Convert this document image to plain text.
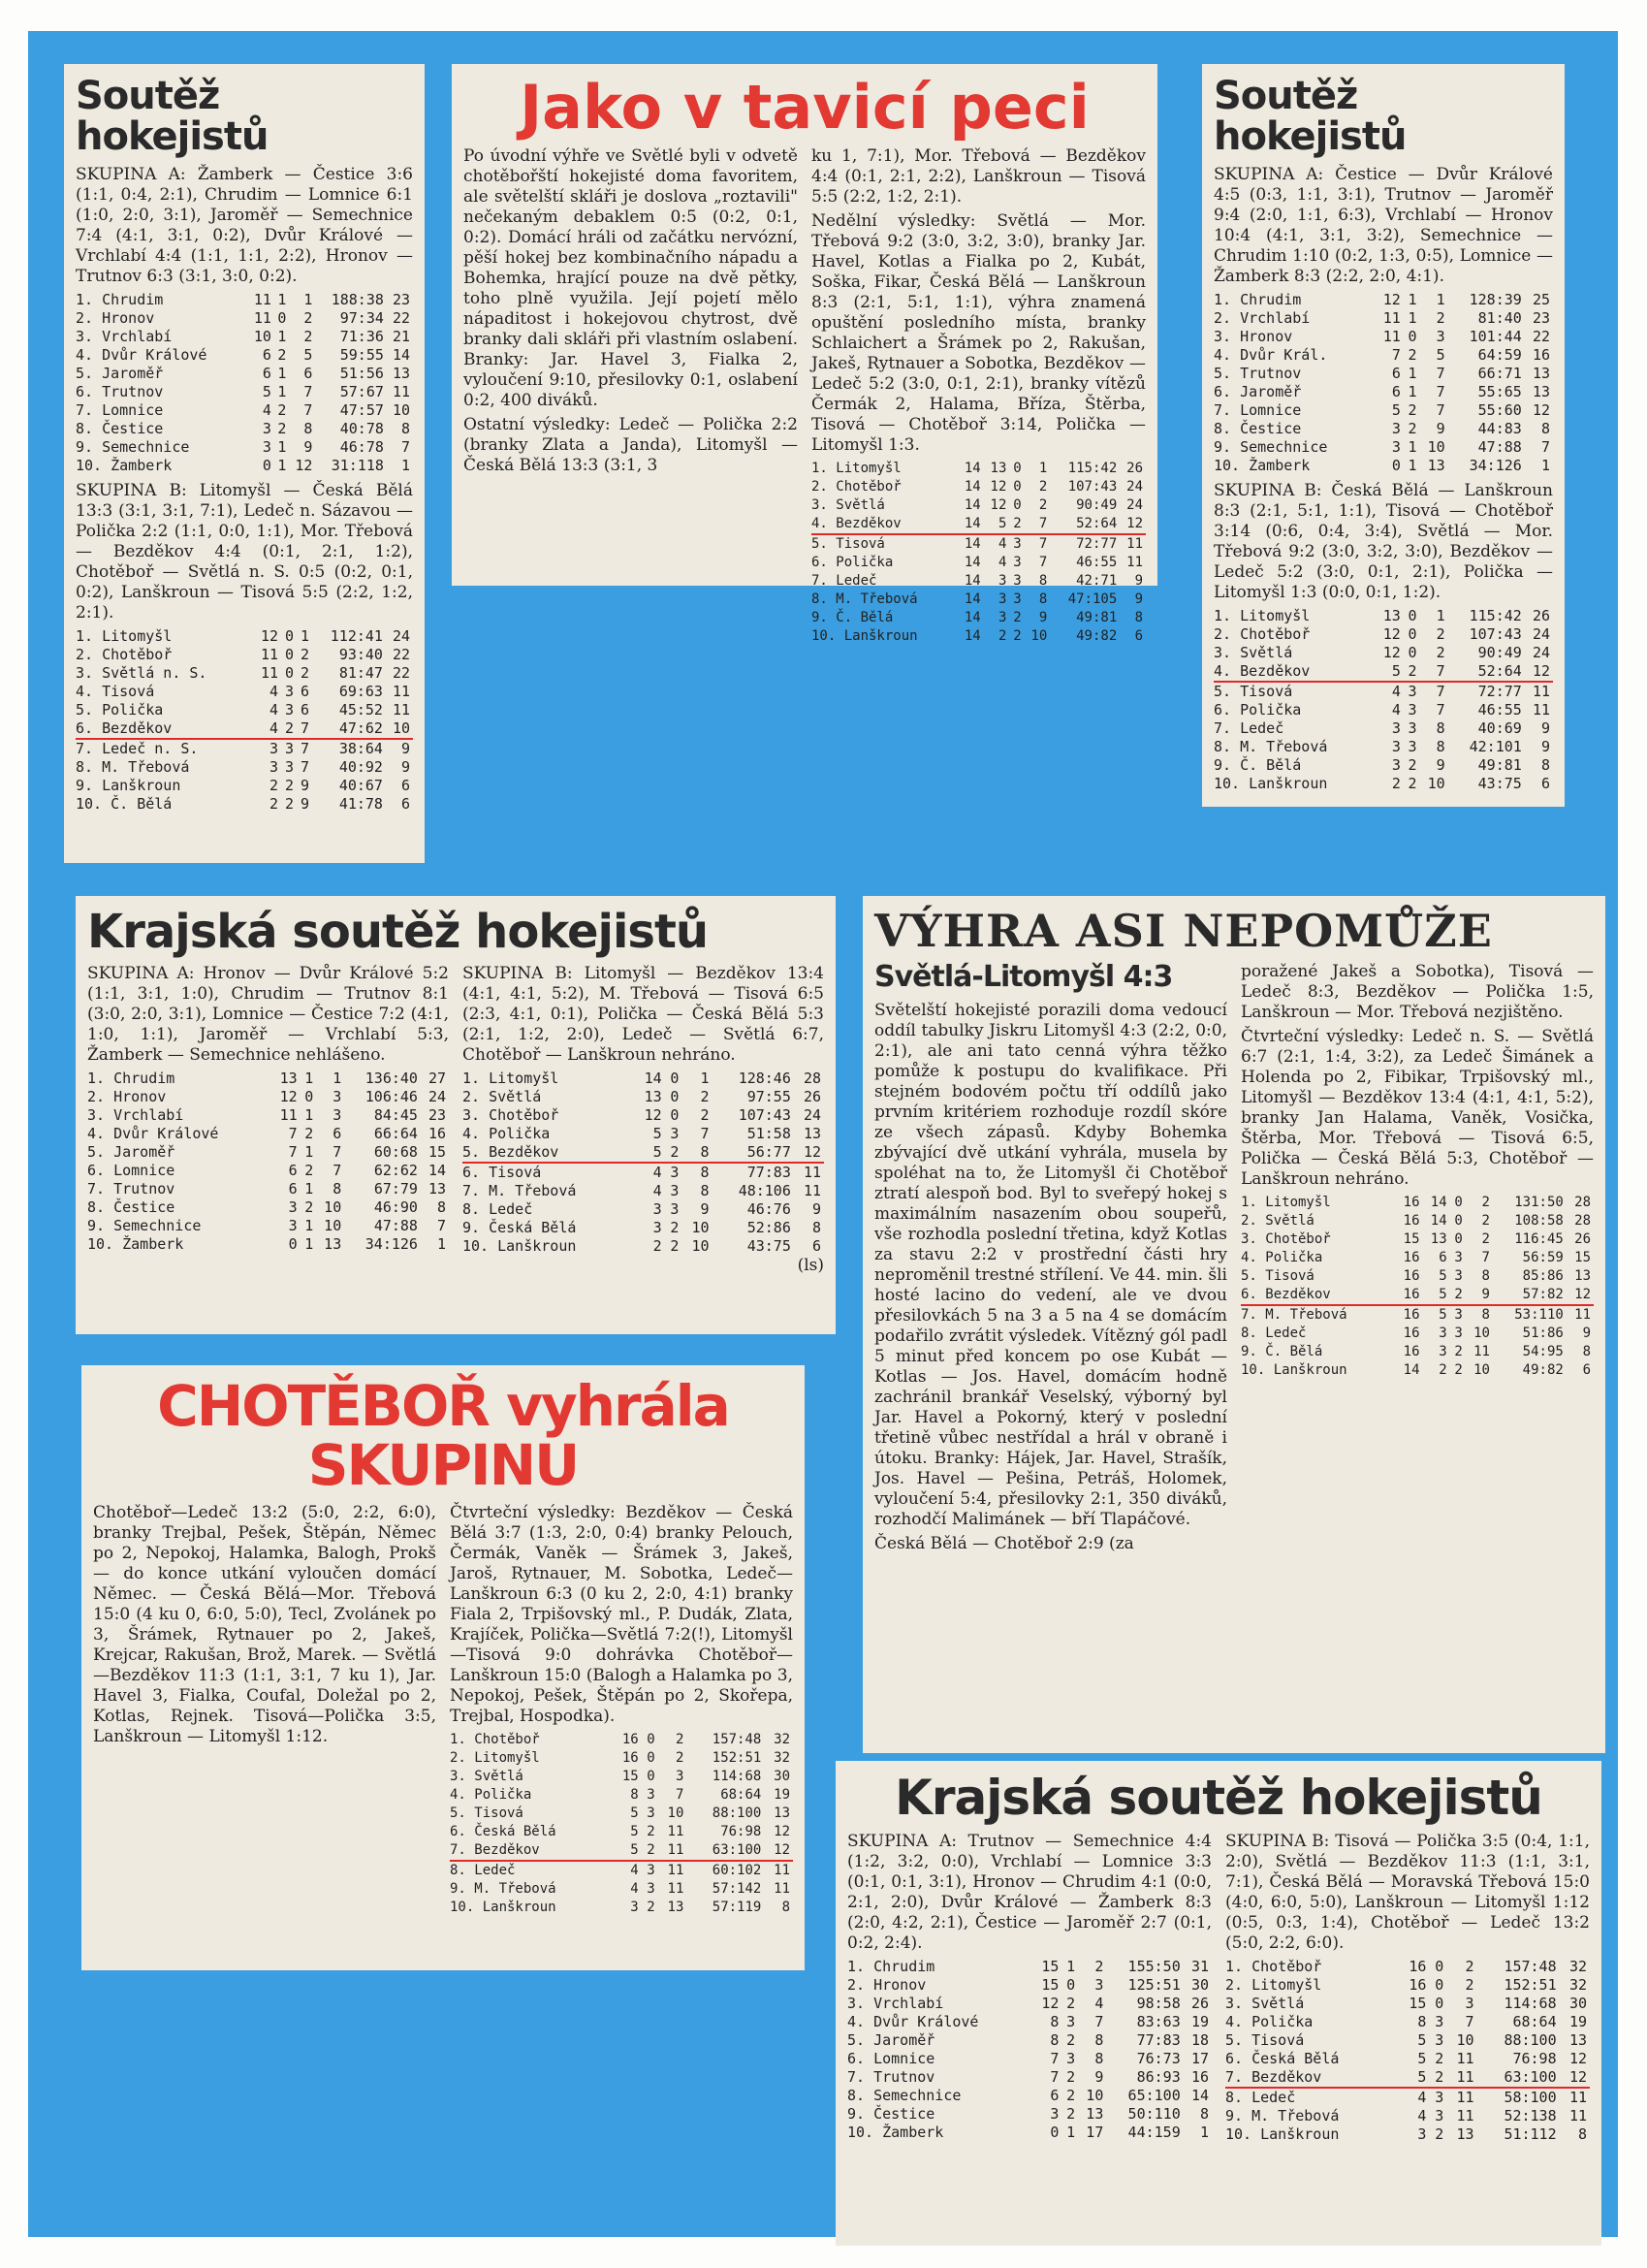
Soutěž hokejistů

SKUPINA A: Žamberk — Čestice 3:6 (1:1, 0:4, 2:1), Chrudim — Lomnice 6:1 (1:0, 2:0, 3:1), Jaroměř — Semechnice 7:4 (4:1, 3:1, 0:2), Dvůr Králové — Vrchlabí 4:4 (1:1, 1:1, 2:2), Hronov — Trutnov 6:3 (3:1, 3:0, 0:2).

1. Chrudim	11	1	1	188:38	23
2. Hronov	11	0	2	97:34	22
3. Vrchlabí	10	1	2	71:36	21
4. Dvůr Králové	6	2	5	59:55	14
5. Jaroměř	6	1	6	51:56	13
6. Trutnov	5	1	7	57:67	11
7. Lomnice	4	2	7	47:57	10
8. Čestice	3	2	8	40:78	8
9. Semechnice	3	1	9	46:78	7
10. Žamberk	0	1	12	31:118	1

SKUPINA B: Litomyšl — Česká Bělá 13:3 (3:1, 3:1, 7:1), Ledeč n. Sázavou — Polička 2:2 (1:1, 0:0, 1:1), Mor. Třebová — Bezděkov 4:4 (0:1, 2:1, 1:2), Chotěboř — Světlá n. S. 0:5 (0:2, 0:1, 0:2), Lanškroun — Tisová 5:5 (2:2, 1:2, 2:1).

1. Litomyšl	12	0	1	112:41	24
2. Chotěboř	11	0	2	93:40	22
3. Světlá n. S.	11	0	2	81:47	22
4. Tisová	4	3	6	69:63	11
5. Polička	4	3	6	45:52	11
6. Bezděkov	4	2	7	47:62	10
7. Ledeč n. S.	3	3	7	38:64	9
8. M. Třebová	3	3	7	40:92	9
9. Lanškroun	2	2	9	40:67	6
10. Č. Bělá	2	2	9	41:78	6
Jako v tavicí peci

Po úvodní výhře ve Světlé byli v odvetě chotěbořští hokejisté doma favoritem, ale světelští skláři je doslova „roztavili" nečekaným debaklem 0:5 (0:2, 0:1, 0:2). Domácí hráli od začátku nervózní, pěší hokej bez kombinačního nápadu a Bohemka, hrající pouze na dvě pětky, toho plně využila. Její pojetí mělo nápaditost i hokejovou chytrost, dvě branky dali skláři při vlastním oslabení. Branky: Jar. Havel 3, Fialka 2, vyloučení 9:10, přesilovky 0:1, oslabení 0:2, 400 diváků.

Ostatní výsledky: Ledeč — Polička 2:2 (branky Zlata a Janda), Litomyšl — Česká Bělá 13:3 (3:1, 3

ku 1, 7:1), Mor. Třebová — Bezděkov 4:4 (0:1, 2:1, 2:2), Lanškroun — Tisová 5:5 (2:2, 1:2, 2:1).

Nedělní výsledky: Světlá — Mor. Třebová 9:2 (3:0, 3:2, 3:0), branky Jar. Havel, Kotlas a Fialka po 2, Kubát, Soška, Fikar, Česká Bělá — Lanškroun 8:3 (2:1, 5:1, 1:1), výhra znamená opuštění posledního místa, branky Schlaichert a Šrámek po 2, Rakušan, Jakeš, Rytnauer a Sobotka, Bezděkov — Ledeč 5:2 (3:0, 0:1, 2:1), branky vítězů Čermák 2, Halama, Bříza, Štěrba, Tisová — Chotěboř 3:14, Polička — Litomyšl 1:3.

1. Litomyšl	14	13	0	1	115:42	26
2. Chotěboř	14	12	0	2	107:43	24
3. Světlá	14	12	0	2	90:49	24
4. Bezděkov	14	5	2	7	52:64	12
5. Tisová	14	4	3	7	72:77	11
6. Polička	14	4	3	7	46:55	11
7. Ledeč	14	3	3	8	42:71	9
8. M. Třebová	14	3	3	8	47:105	9
9. Č. Bělá	14	3	2	9	49:81	8
10. Lanškroun	14	2	2	10	49:82	6
Soutěž hokejistů

SKUPINA A: Čestice — Dvůr Králové 4:5 (0:3, 1:1, 3:1), Trutnov — Jaroměř 9:4 (2:0, 1:1, 6:3), Vrchlabí — Hronov 10:4 (4:1, 3:1, 3:2), Semechnice — Chrudim 1:10 (0:2, 1:3, 0:5), Lomnice — Žamberk 8:3 (2:2, 2:0, 4:1).

1. Chrudim	12	1	1	128:39	25
2. Vrchlabí	11	1	2	81:40	23
3. Hronov	11	0	3	101:44	22
4. Dvůr Král.	7	2	5	64:59	16
5. Trutnov	6	1	7	66:71	13
6. Jaroměř	6	1	7	55:65	13
7. Lomnice	5	2	7	55:60	12
8. Čestice	3	2	9	44:83	8
9. Semechnice	3	1	10	47:88	7
10. Žamberk	0	1	13	34:126	1

SKUPINA B: Česká Bělá — Lanškroun 8:3 (2:1, 5:1, 1:1), Tisová — Chotěboř 3:14 (0:6, 0:4, 3:4), Světlá — Mor. Třebová 9:2 (3:0, 3:2, 3:0), Bezděkov — Ledeč 5:2 (3:0, 0:1, 2:1), Polička — Litomyšl 1:3 (0:0, 0:1, 1:2).

1. Litomyšl	13	0	1	115:42	26
2. Chotěboř	12	0	2	107:43	24
3. Světlá	12	0	2	90:49	24
4. Bezděkov	5	2	7	52:64	12
5. Tisová	4	3	7	72:77	11
6. Polička	4	3	7	46:55	11
7. Ledeč	3	3	8	40:69	9
8. M. Třebová	3	3	8	42:101	9
9. Č. Bělá	3	2	9	49:81	8
10. Lanškroun	2	2	10	43:75	6
Krajská soutěž hokejistů

SKUPINA A: Hronov — Dvůr Králové 5:2 (1:1, 3:1, 1:0), Chrudim — Trutnov 8:1 (3:0, 2:0, 3:1), Lomnice — Čestice 7:2 (4:1, 1:0, 1:1), Jaroměř — Vrchlabí 5:3, Žamberk — Semechnice nehlášeno.

1. Chrudim	13	1	1	136:40	27
2. Hronov	12	0	3	106:46	24
3. Vrchlabí	11	1	3	84:45	23
4. Dvůr Králové	7	2	6	66:64	16
5. Jaroměř	7	1	7	60:68	15
6. Lomnice	6	2	7	62:62	14
7. Trutnov	6	1	8	67:79	13
8. Čestice	3	2	10	46:90	8
9. Semechnice	3	1	10	47:88	7
10. Žamberk	0	1	13	34:126	1

SKUPINA B: Litomyšl — Bezděkov 13:4 (4:1, 4:1, 5:2), M. Třebová — Tisová 6:5 (2:3, 4:1, 0:1), Polička — Česká Bělá 5:3 (2:1, 1:2, 2:0), Ledeč — Světlá 6:7, Chotěboř — Lanškroun nehráno.

1. Litomyšl	14	0	1	128:46	28
2. Světlá	13	0	2	97:55	26
3. Chotěboř	12	0	2	107:43	24
4. Polička	5	3	7	51:58	13
5. Bezděkov	5	2	8	56:77	12
6. Tisová	4	3	8	77:83	11
7. M. Třebová	4	3	8	48:106	11
8. Ledeč	3	3	9	46:76	9
9. Česká Bělá	3	2	10	52:86	8
10. Lanškroun	2	2	10	43:75	6
(ls)
VÝHRA ASI NEPOMŮŽE
Světlá-Litomyšl 4:3

Světelští hokejisté porazili doma vedoucí oddíl tabulky Jiskru Litomyšl 4:3 (2:2, 0:0, 2:1), ale ani tato cenná výhra těžko pomůže k postupu do kvalifikace. Při stejném bodovém počtu tří oddílů jako prvním kritériem rozhoduje rozdíl skóre ze všech zápasů. Kdyby Bohemka zbývající dvě utkání vyhrála, musela by spoléhat na to, že Litomyšl či Chotěboř ztratí alespoň bod. Byl to sveřepý hokej s maximálním nasazením obou soupeřů, vše rozhodla poslední třetina, když Kotlas za stavu 2:2 v prostřední části hry neproměnil trestné střílení. Ve 44. min. šli hosté lacino do vedení, ale ve dvou přesilovkách 5 na 3 a 5 na 4 se domácím podařilo zvrátit výsledek. Vítězný gól padl 5 minut před koncem po ose Kubát — Kotlas — Jos. Havel, domácím hodně zachránil brankář Veselský, výborný byl Jar. Havel a Pokorný, který v poslední třetině vůbec nestřídal a hrál v obraně i útoku. Branky: Hájek, Jar. Havel, Strašík, Jos. Havel — Pešina, Petráš, Holomek, vyloučení 5:4, přesilovky 2:1, 350 diváků, rozhodčí Malimánek — bří Tlapáčové.

Česká Bělá — Chotěboř 2:9 (za

poražené Jakeš a Sobotka), Tisová — Ledeč 8:3, Bezděkov — Polička 1:5, Lanškroun — Mor. Třebová nezjištěno.

Čtvrteční výsledky: Ledeč n. S. — Světlá 6:7 (2:1, 1:4, 3:2), za Ledeč Šimánek a Holenda po 2, Fibikar, Trpišovský ml., Litomyšl — Bezděkov 13:4 (4:1, 4:1, 5:2), branky Jan Halama, Vaněk, Vosička, Štěrba, Mor. Třebová — Tisová 6:5, Polička — Česká Bělá 5:3, Chotěboř — Lanškroun nehráno.

1. Litomyšl	16	14	0	2	131:50	28
2. Světlá	16	14	0	2	108:58	28
3. Chotěboř	15	13	0	2	116:45	26
4. Polička	16	6	3	7	56:59	15
5. Tisová	16	5	3	8	85:86	13
6. Bezděkov	16	5	2	9	57:82	12
7. M. Třebová	16	5	3	8	53:110	11
8. Ledeč	16	3	3	10	51:86	9
9. Č. Bělá	16	3	2	11	54:95	8
10. Lanškroun	14	2	2	10	49:82	6
CHOTĚBOŘ vyhrála SKUPINU

Chotěboř—Ledeč 13:2 (5:0, 2:2, 6:0), branky Trejbal, Pešek, Štěpán, Němec po 2, Nepokoj, Halamka, Balogh, Prokš — do konce utkání vyloučen domácí Němec. — Česká Bělá—Mor. Třebová 15:0 (4 ku 0, 6:0, 5:0), Tecl, Zvolánek po 3, Šrámek, Rytnauer po 2, Jakeš, Krejcar, Rakušan, Brož, Marek. — Světlá—Bezděkov 11:3 (1:1, 3:1, 7 ku 1), Jar. Havel 3, Fialka, Coufal, Doležal po 2, Kotlas, Rejnek. Tisová—Polička 3:5, Lanškroun — Litomyšl 1:12.

Čtvrteční výsledky: Bezděkov — Česká Bělá 3:7 (1:3, 2:0, 0:4) branky Pelouch, Čermák, Vaněk — Šrámek 3, Jakeš, Jaroš, Rytnauer, M. Sobotka, Ledeč—Lanškroun 6:3 (0 ku 2, 2:0, 4:1) branky Fiala 2, Trpišovský ml., P. Dudák, Zlata, Krajíček, Polička—Světlá 7:2(!), Litomyšl—Tisová 9:0 dohrávka Chotěboř—Lanškroun 15:0 (Balogh a Halamka po 3, Nepokoj, Pešek, Štěpán po 2, Skořepa, Trejbal, Hospodka).

1. Chotěboř	16	0	2	157:48	32
2. Litomyšl	16	0	2	152:51	32
3. Světlá	15	0	3	114:68	30
4. Polička	8	3	7	68:64	19
5. Tisová	5	3	10	88:100	13
6. Česká Bělá	5	2	11	76:98	12
7. Bezděkov	5	2	11	63:100	12
8. Ledeč	4	3	11	60:102	11
9. M. Třebová	4	3	11	57:142	11
10. Lanškroun	3	2	13	57:119	8
Krajská soutěž hokejistů

SKUPINA A: Trutnov — Semechnice 4:4 (1:2, 3:2, 0:0), Vrchlabí — Lomnice 3:3 (0:1, 0:1, 3:1), Hronov — Chrudim 4:1 (0:0, 2:1, 2:0), Dvůr Králové — Žamberk 8:3 (2:0, 4:2, 2:1), Čestice — Jaroměř 2:7 (0:1, 0:2, 2:4).

1. Chrudim	15	1	2	155:50	31
2. Hronov	15	0	3	125:51	30
3. Vrchlabí	12	2	4	98:58	26
4. Dvůr Králové	8	3	7	83:63	19
5. Jaroměř	8	2	8	77:83	18
6. Lomnice	7	3	8	76:73	17
7. Trutnov	7	2	9	86:93	16
8. Semechnice	6	2	10	65:100	14
9. Čestice	3	2	13	50:110	8
10. Žamberk	0	1	17	44:159	1

SKUPINA B: Tisová — Polička 3:5 (0:4, 1:1, 2:0), Světlá — Bezděkov 11:3 (1:1, 3:1, 7:1), Česká Bělá — Moravská Třebová 15:0 (4:0, 6:0, 5:0), Lanškroun — Litomyšl 1:12 (0:5, 0:3, 1:4), Chotěboř — Ledeč 13:2 (5:0, 2:2, 6:0).

1. Chotěboř	16	0	2	157:48	32
2. Litomyšl	16	0	2	152:51	32
3. Světlá	15	0	3	114:68	30
4. Polička	8	3	7	68:64	19
5. Tisová	5	3	10	88:100	13
6. Česká Bělá	5	2	11	76:98	12
7. Bezděkov	5	2	11	63:100	12
8. Ledeč	4	3	11	58:100	11
9. M. Třebová	4	3	11	52:138	11
10. Lanškroun	3	2	13	51:112	8
